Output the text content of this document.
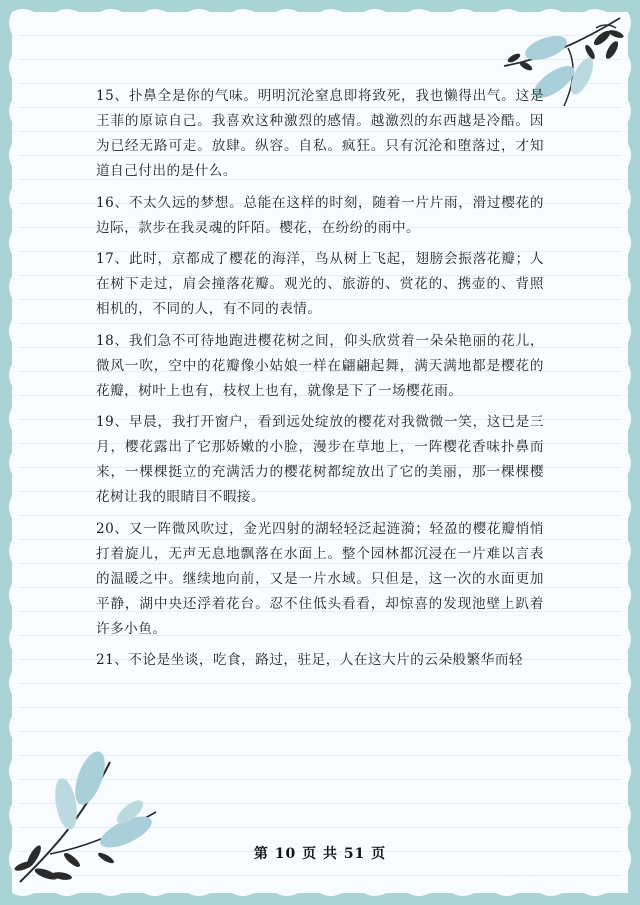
15、扑鼻全是你的气味。明明沉沦窒息即将致死，我也懒得出气。这是王菲的原谅自己。我喜欢这种激烈的感情。越激烈的东西越是冷酷。因为已经无路可走。放肆。纵容。自私。疯狂。只有沉沦和堕落过，才知道自己付出的是什么。

16、不太久远的梦想。总能在这样的时刻，随着一片片雨，滑过樱花的边际，款步在我灵魂的阡陌。樱花，在纷纷的雨中。

17、此时，京都成了樱花的海洋，鸟从树上飞起，翅膀会振落花瓣；人在树下走过，肩会撞落花瓣。观光的、旅游的、赏花的、携壶的、背照相机的，不同的人，有不同的表情。

18、我们急不可待地跑进樱花树之间，仰头欣赏着一朵朵艳丽的花儿，微风一吹，空中的花瓣像小姑娘一样在翩翩起舞，满天满地都是樱花的花瓣，树叶上也有，枝杈上也有，就像是下了一场樱花雨。

19、早晨，我打开窗户，看到远处绽放的樱花对我微微一笑，这已是三月，樱花露出了它那娇嫩的小脸，漫步在草地上，一阵樱花香味扑鼻而来，一棵棵挺立的充满活力的樱花树都绽放出了它的美丽，那一棵棵樱花树让我的眼睛目不暇接。

20、又一阵微风吹过，金光四射的湖轻轻泛起涟漪；轻盈的樱花瓣悄悄打着旋儿，无声无息地飘落在水面上。整个园林都沉浸在一片难以言表的温暖之中。继续地向前，又是一片水域。只但是，这一次的水面更加平静，湖中央还浮着花台。忍不住低头看看，却惊喜的发现池壁上趴着许多小鱼。

21、不论是坐谈，吃食，路过，驻足，人在这大片的云朵般繁华而轻

第 10 页 共 51 页
@爱写作的小芳
